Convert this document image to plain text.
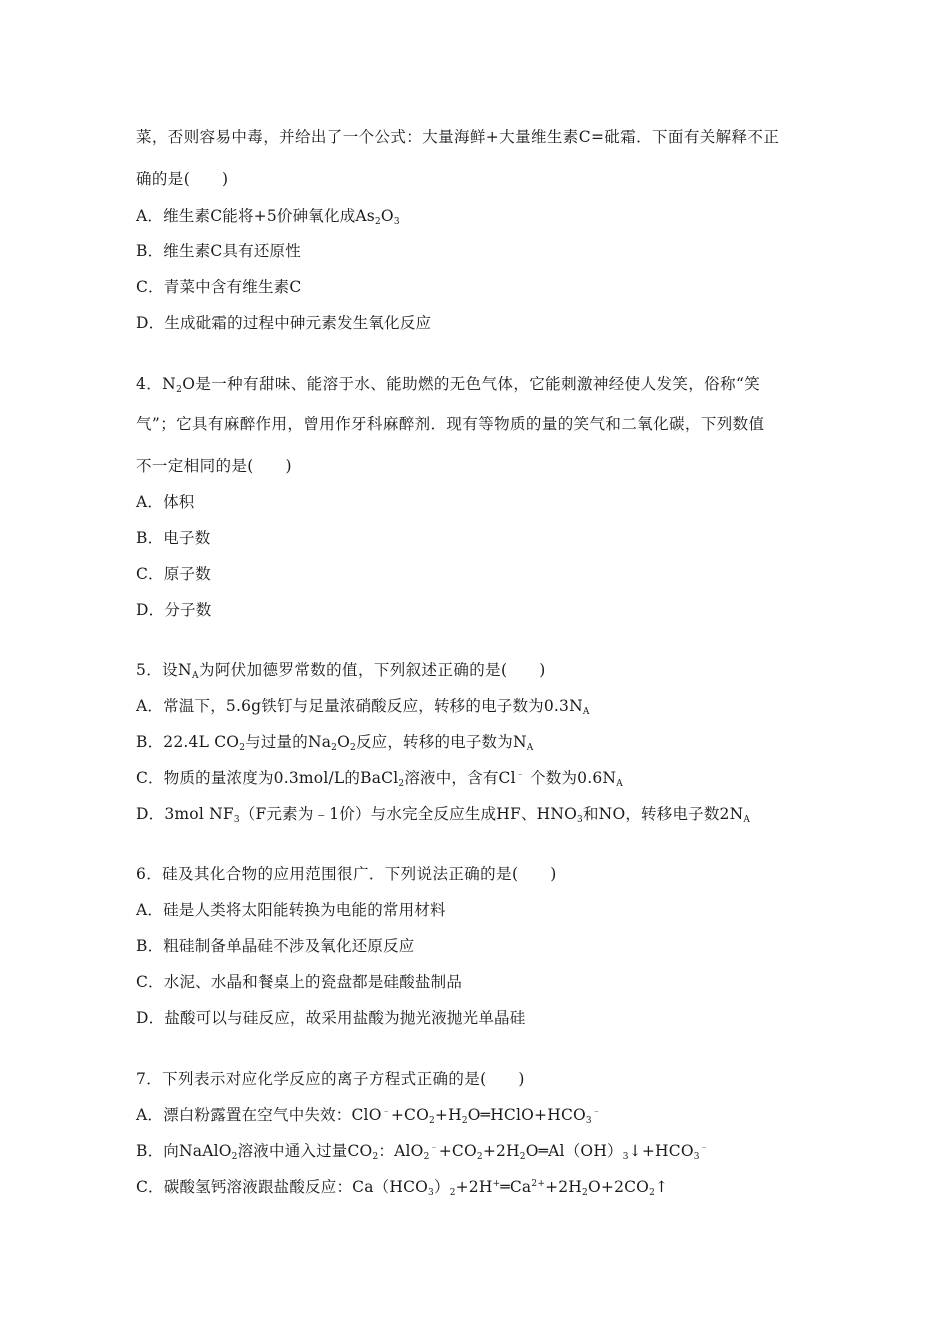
菜，否则容易中毒，并给出了一个公式：大量海鲜+大量维生素C=砒霜．下面有关解释不正
确的是(　　)
A．维生素C能将+5价砷氧化成$As_2O_3$
B．维生素C具有还原性
C．青菜中含有维生素C
D．生成砒霜的过程中砷元素发生氧化反应
4．$N_2O$是一种有甜味、能溶于水、能助燃的无色气体，它能刺激神经使人发笑，俗称“笑
气”；它具有麻醉作用，曾用作牙科麻醉剂．现有等物质的量的笑气和二氧化碳，下列数值
不一定相同的是(　　)
A．体积
B．电子数
C．原子数
D．分子数
5．设$N_A$为阿伏加德罗常数的值，下列叙述正确的是(　　)
A．常温下，5.6g铁钉与足量浓硝酸反应，转移的电子数为$0.3N_A$
B．22.4L $CO_2$与过量的$Na_2O_2$反应，转移的电子数为$N_A$
C．物质的量浓度为0.3mol/L的BaCl$_2$溶液中，含有Cl﹣ 个数为$0.6N_A$
D．3mol $NF_3(F$元素为﹣1价）与水完全反应生成HF、$HNO_3$和NO，转移电子数$2N_A$
6．硅及其化合物的应用范围很广．下列说法正确的是(　　)
A．硅是人类将太阳能转换为电能的常用材料
B．粗硅制备单晶硅不涉及氧化还原反应
C．水泥、水晶和餐桌上的瓷盘都是硅酸盐制品
D．盐酸可以与硅反应，故采用盐酸为抛光液抛光单晶硅
7．下列表示对应化学反应的离子方程式正确的是(　　)
A．漂白粉露置在空气中失效：$ClO^﹣+CO_2+H_2O═HClO+HCO_3^﹣$
B．向NaAlO$_2$溶液中通入过量$CO_2$：$AlO_2^﹣+CO_2+2H_2O═Al(OH)_3↓+HCO_3^﹣$
C．碳酸氢钙溶液跟盐酸反应：$Ca(HCO_3)_2+2H^+═Ca^{2+}+2H_2O+2CO_2↑$
